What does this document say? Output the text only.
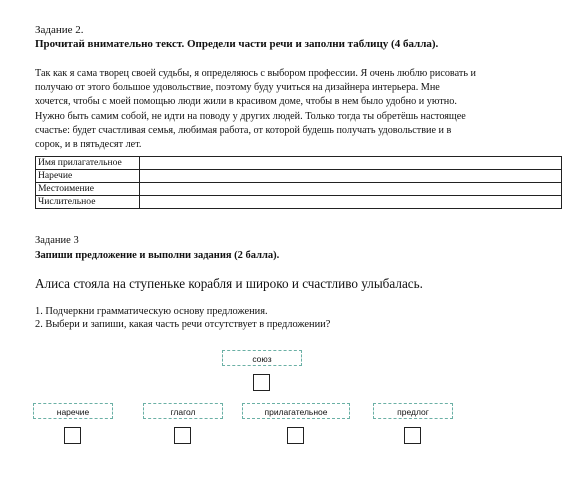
Задание 2.
Прочитай внимательно текст. Определи части речи и заполни таблицу (4 балла).

Так как я сама творец своей судьбы, я определяюсь с выбором профессии. Я очень люблю рисовать и
получаю от этого большое удовольствие, поэтому буду учиться на дизайнера интерьера. Мне
хочется, чтобы с моей помощью люди жили в красивом доме, чтобы в нем было удобно и уютно.
Нужно быть самим собой, не идти на поводу у других людей. Только тогда ты обретёшь настоящее
счастье: будет счастливая семья, любимая работа, от которой будешь получать удовольствие и в
сорок, и в пятьдесят лет.

Имя прилагательное	
Наречие	
Местоимение	
Числительное	
Задание 3
Запиши предложение и выполни задания (2 балла).
Алиса стояла на ступеньке корабля и широко и счастливо улыбалась.
1. Подчеркни грамматическую основу предложения.
2. Выбери и запиши, какая часть речи отсутствует в предложении?
союз
наречие	глагол	прилагательное	предлог
